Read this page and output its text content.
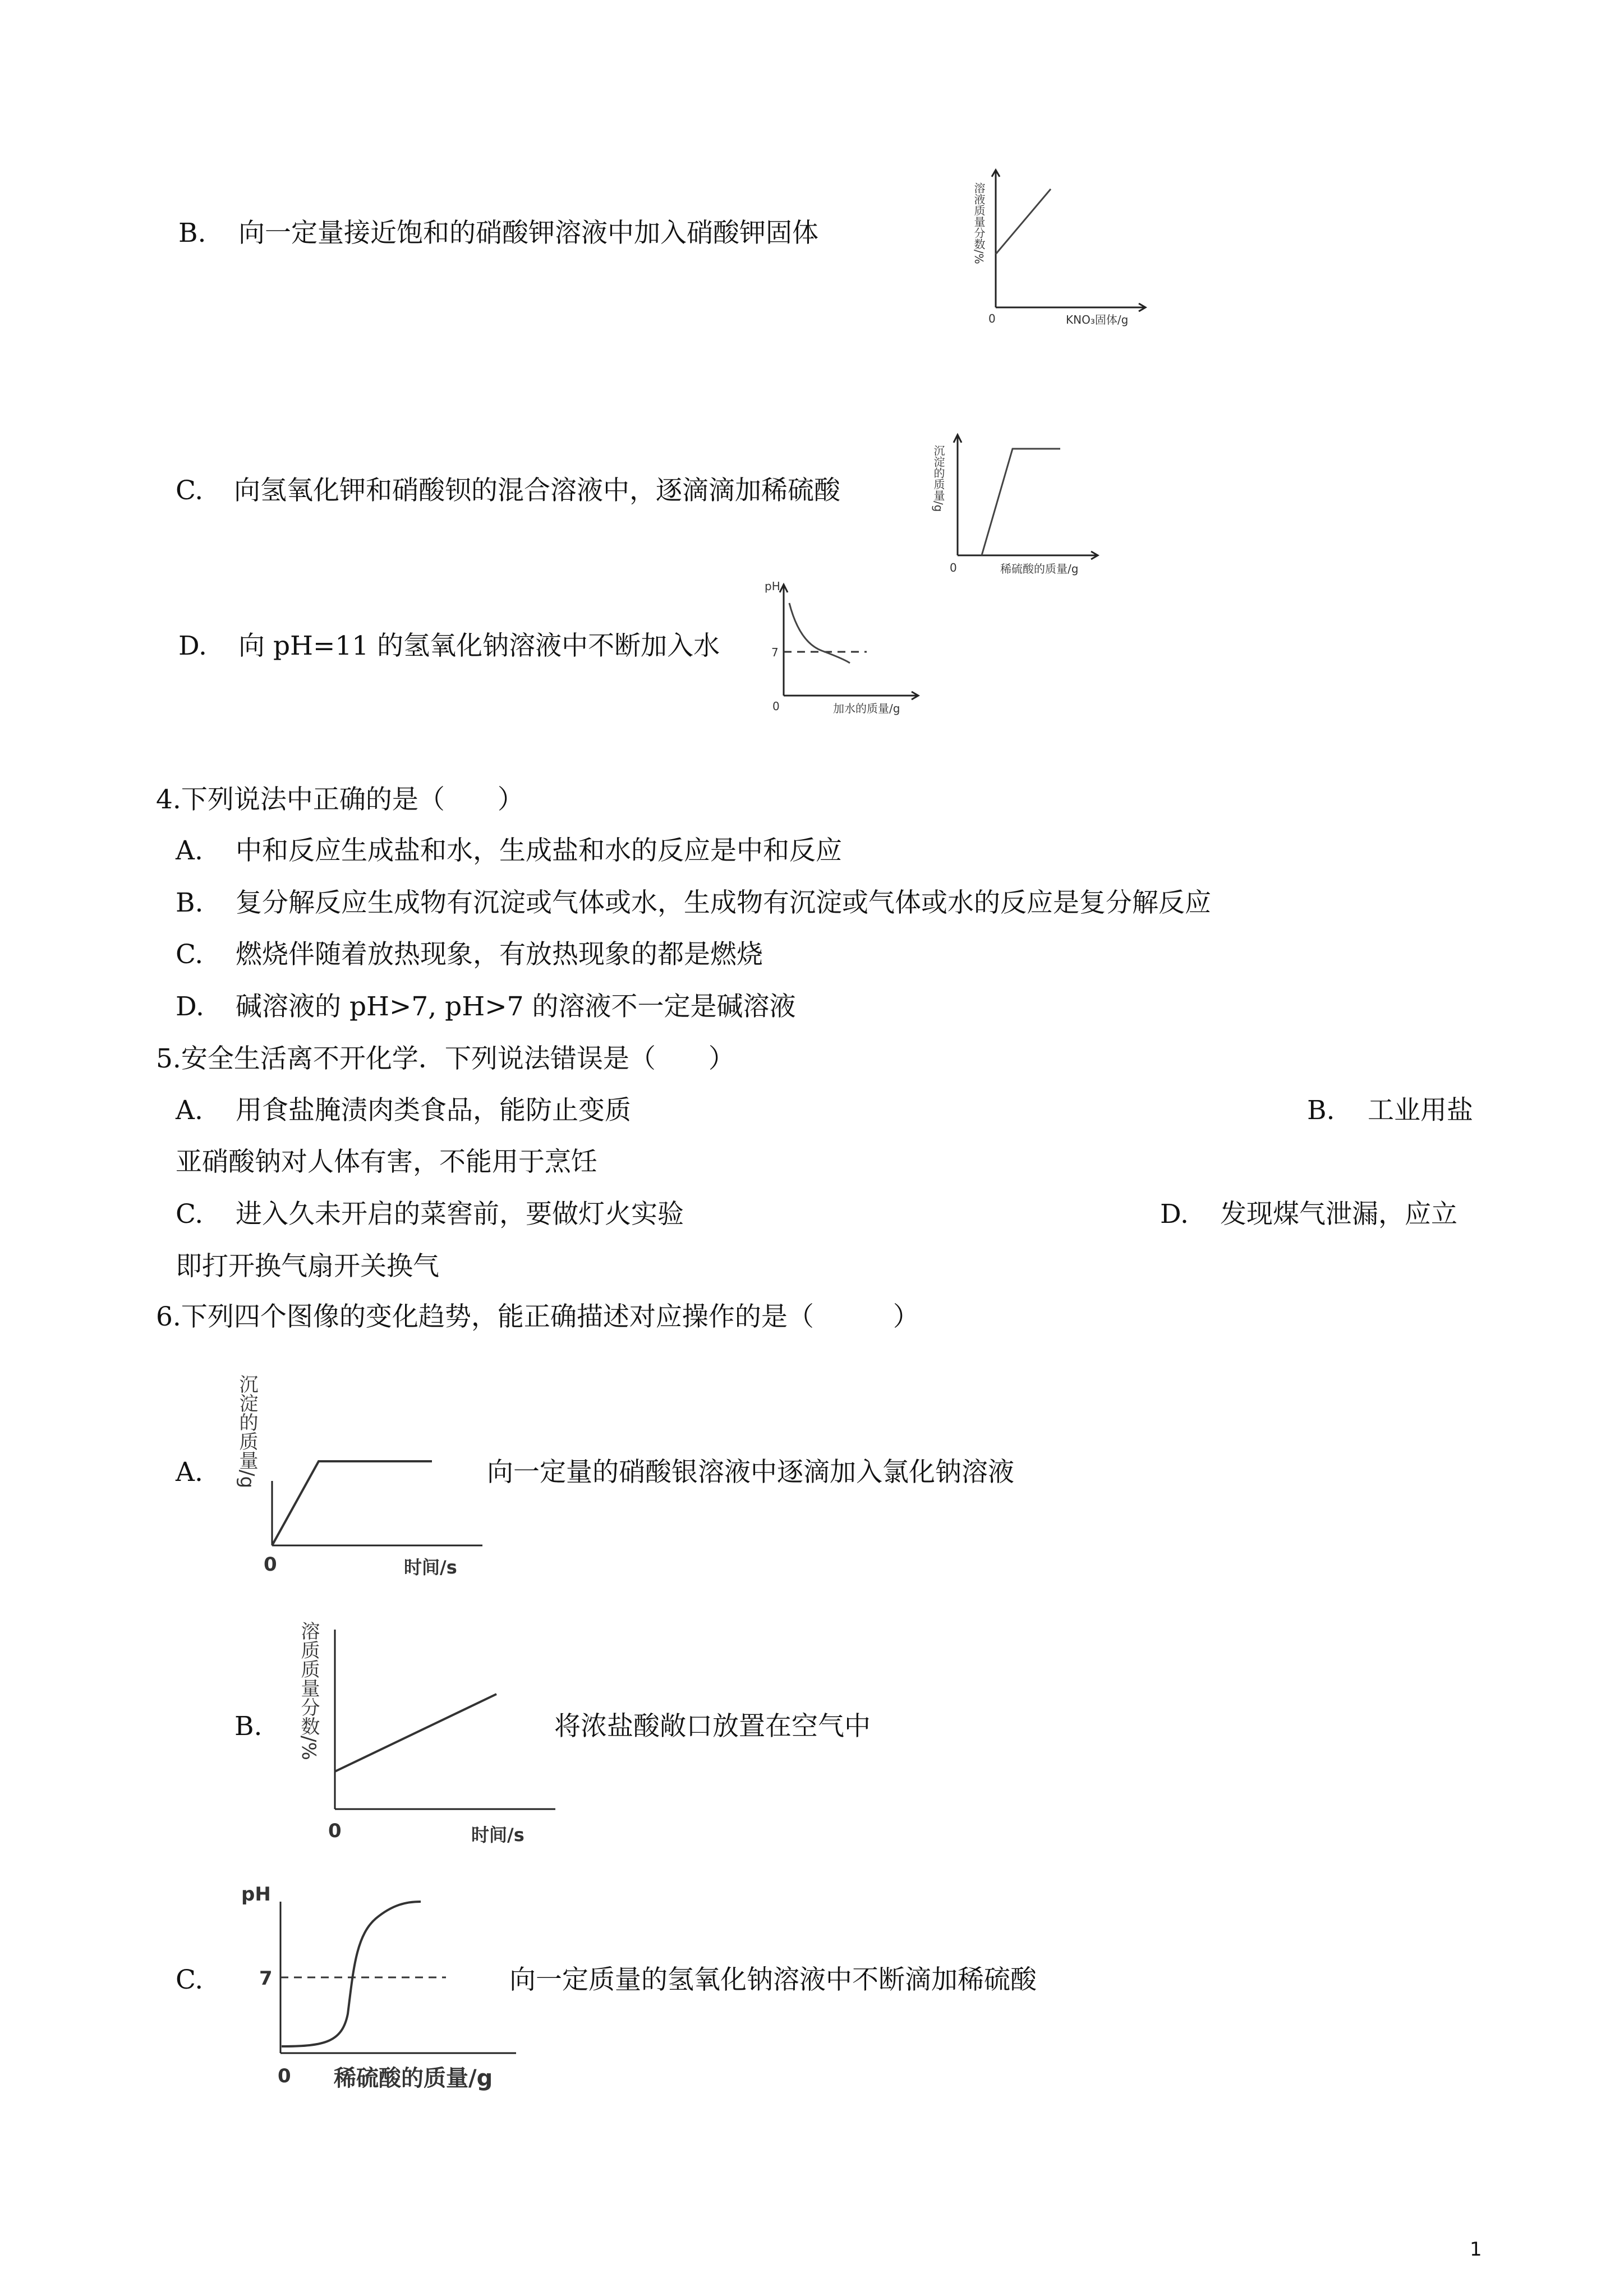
B. 向一定量接近饱和的硝酸钾溶液中加入硝酸钾固体	溶液质量分数/%
0	KNO₃固体/g
C. 向氢氧化钾和硝酸钡的混合溶液中，逐滴滴加稀硫酸	沉淀的质量/g
0	稀硫酸的质量/g
D. 向 pH=11 的氢氧化钠溶液中不断加入水
pH
7
0	加水的质量/g
4.下列说法中正确的是（　　）
A. 中和反应生成盐和水，生成盐和水的反应是中和反应
B. 复分解反应生成物有沉淀或气体或水，生成物有沉淀或气体或水的反应是复分解反应
C. 燃烧伴随着放热现象，有放热现象的都是燃烧
D. 碱溶液的 pH>7, pH>7 的溶液不一定是碱溶液
5.安全生活离不开化学．下列说法错误是（　　）
A. 用食盐腌渍肉类食品，能防止变质	B. 工业用盐
亚硝酸钠对人体有害，不能用于烹饪
C. 进入久未开启的菜窖前，要做灯火实验	D. 发现煤气泄漏，应立
即打开换气扇开关换气
6.下列四个图像的变化趋势，能正确描述对应操作的是（　　　）
A. 沉淀的质量/g
0	时间/s
向一定量的硝酸银溶液中逐滴加入氯化钠溶液
B. 溶质质量分数/%
0	时间/s
将浓盐酸敞口放置在空气中
C.
pH
7
0 稀硫酸的质量/g
向一定质量的氢氧化钠溶液中不断滴加稀硫酸
1
